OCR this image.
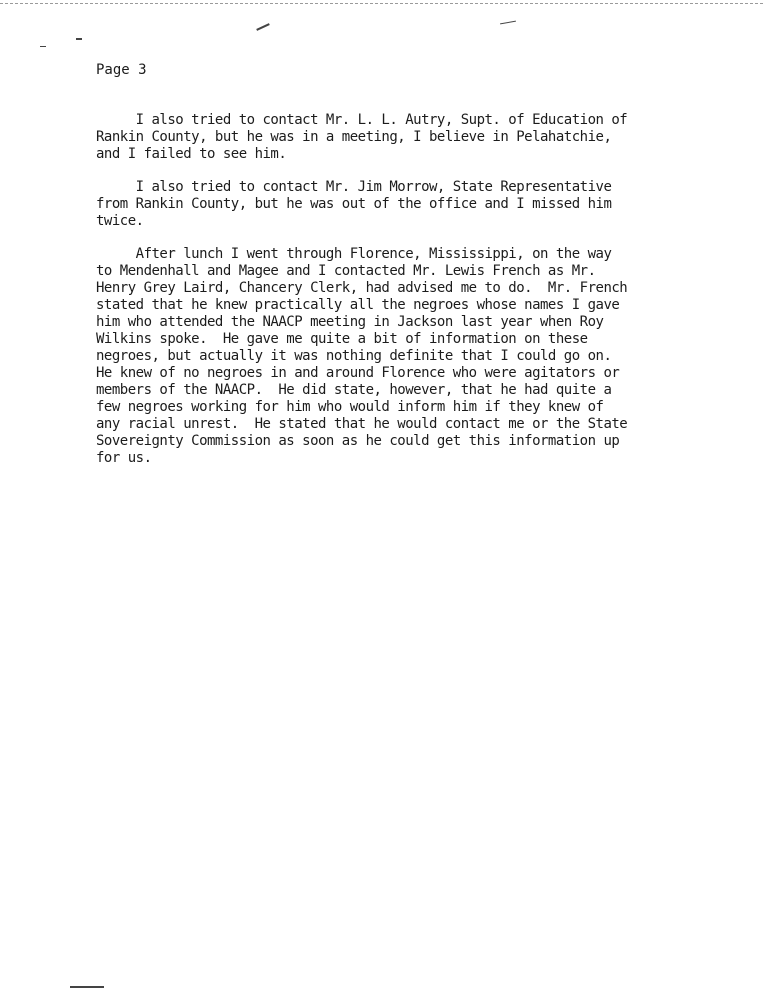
Page 3
I also tried to contact Mr. L. L. Autry, Supt. of Education of
Rankin County, but he was in a meeting, I believe in Pelahatchie,
and I failed to see him.
I also tried to contact Mr. Jim Morrow, State Representative
from Rankin County, but he was out of the office and I missed him
twice.
After lunch I went through Florence, Mississippi, on the way
to Mendenhall and Magee and I contacted Mr. Lewis French as Mr.
Henry Grey Laird, Chancery Clerk, had advised me to do.  Mr. French
stated that he knew practically all the negroes whose names I gave
him who attended the NAACP meeting in Jackson last year when Roy
Wilkins spoke.  He gave me quite a bit of information on these
negroes, but actually it was nothing definite that I could go on.
He knew of no negroes in and around Florence who were agitators or
members of the NAACP.  He did state, however, that he had quite a
few negroes working for him who would inform him if they knew of
any racial unrest.  He stated that he would contact me or the State
Sovereignty Commission as soon as he could get this information up
for us.
